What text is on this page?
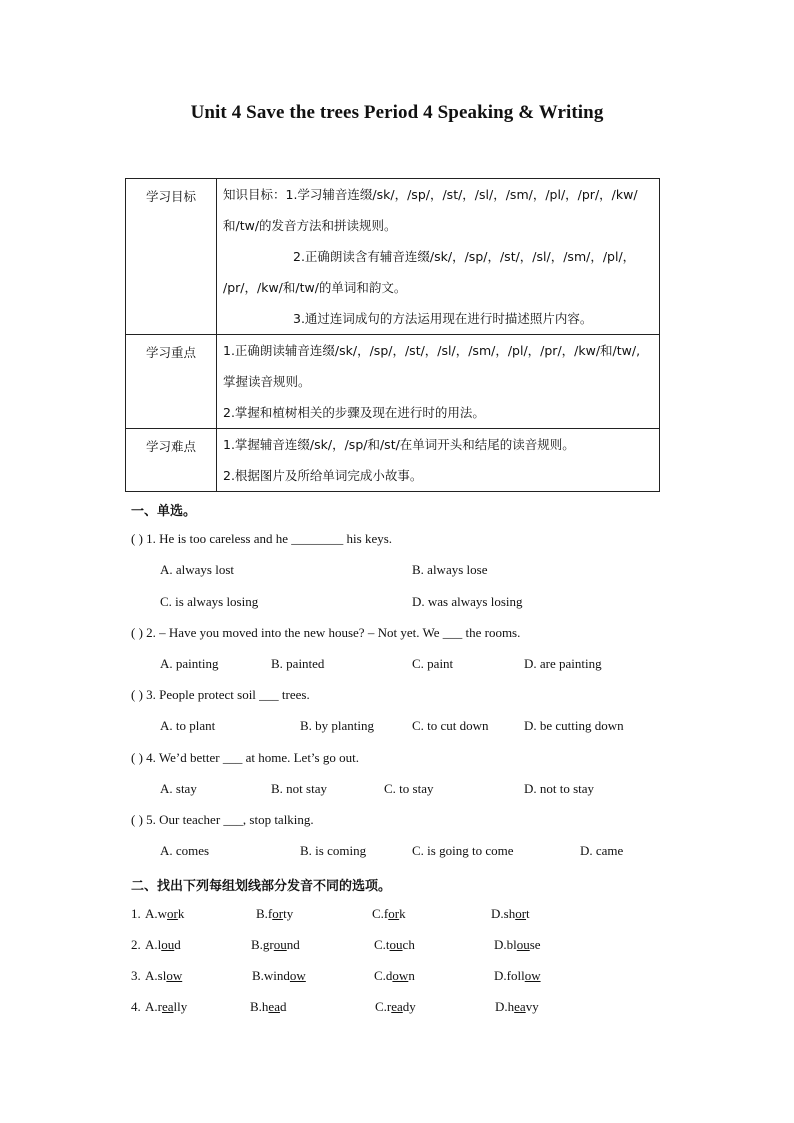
Unit 4 Save the trees Period 4 Speaking & Writing
学习目标	知识目标：1.学习辅音连缀/sk/，/sp/，/st/，/sl/，/sm/，/pl/，/pr/，/kw/
和/tw/的发音方法和拼读规则。
2.正确朗读含有辅音连缀/sk/，/sp/，/st/，/sl/，/sm/，/pl/，
/pr/，/kw/和/tw/的单词和韵文。
3.通过连词成句的方法运用现在进行时描述照片内容。

学习重点	1.正确朗读辅音连缀/sk/，/sp/，/st/，/sl/，/sm/，/pl/，/pr/，/kw/和/tw/,
掌握读音规则。
2.掌握和植树相关的步骤及现在进行时的用法。

学习难点	1.掌握辅音连缀/sk/，/sp/和/st/在单词开头和结尾的读音规则。
2.根据图片及所给单词完成小故事。
一、单选。
( ) 1. He is too careless and he ________ his keys.
A. always lost	B. always lose
C. is always losing	D. was always losing
( ) 2. – Have you moved into the new house? – Not yet. We ___ the rooms.
A. painting	B. painted	C. paint	D. are painting
( ) 3. People protect soil ___ trees.
A. to plant	B. by planting	C. to cut down	D. be cutting down
( ) 4. We’d better ___ at home. Let’s go out.
A. stay	B. not stay	C. to stay	D. not to stay
( ) 5. Our teacher ___, stop talking.
A. comes	B. is coming	C. is going to come	D. came
二、找出下列每组划线部分发音不同的选项。
1. A.work	B.forty	C.fork	D.short
2. A.loud	B.ground	C.touch	D.blouse
3. A.slow	B.window	C.down	D.follow
4. A.really	B.head	C.ready	D.heavy
